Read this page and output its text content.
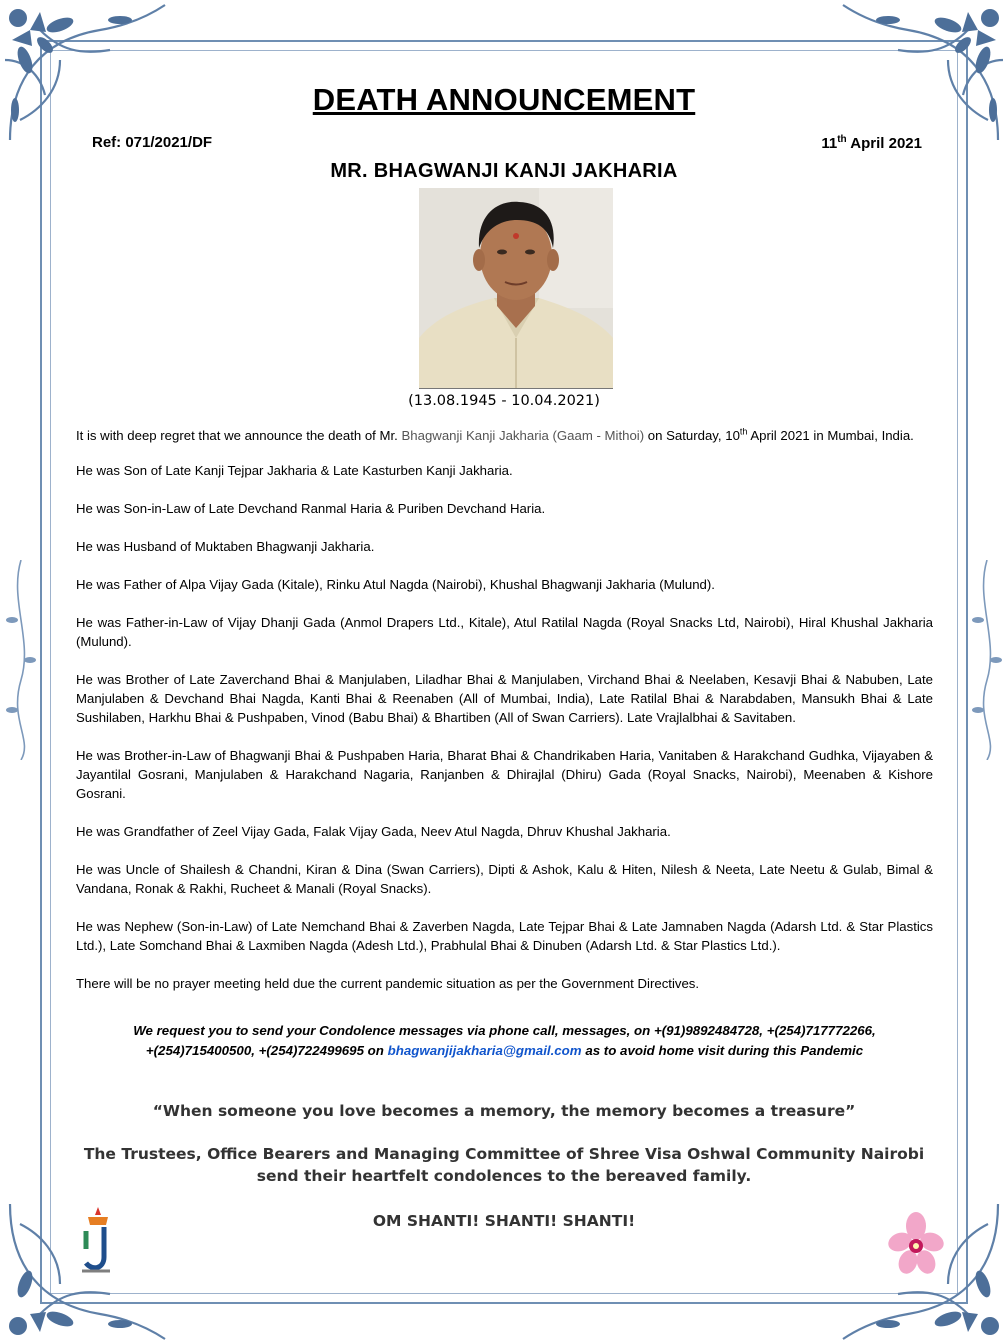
DEATH ANNOUNCEMENT
Ref: 071/2021/DF	11th April 2021
MR. BHAGWANJI KANJI JAKHARIA
(13.08.1945 - 10.04.2021)

It is with deep regret that we announce the death of Mr. Bhagwanji Kanji Jakharia (Gaam - Mithoi) on Saturday, 10th April 2021 in Mumbai, India.

He was Son of Late Kanji Tejpar Jakharia & Late Kasturben Kanji Jakharia.

He was Son-in-Law of Late Devchand Ranmal Haria & Puriben Devchand Haria.

He was Husband of Muktaben Bhagwanji Jakharia.

He was Father of Alpa Vijay Gada (Kitale), Rinku Atul Nagda (Nairobi), Khushal Bhagwanji Jakharia (Mulund).

He was Father-in-Law of Vijay Dhanji Gada (Anmol Drapers Ltd., Kitale), Atul Ratilal Nagda (Royal Snacks Ltd, Nairobi), Hiral Khushal Jakharia (Mulund).

He was Brother of Late Zaverchand Bhai & Manjulaben, Liladhar Bhai & Manjulaben, Virchand Bhai & Neelaben, Kesavji Bhai & Nabuben, Late Manjulaben & Devchand Bhai Nagda, Kanti Bhai & Reenaben (All of Mumbai, India), Late Ratilal Bhai & Narabdaben, Mansukh Bhai & Late Sushilaben, Harkhu Bhai & Pushpaben, Vinod (Babu Bhai) & Bhartiben (All of Swan Carriers). Late Vrajlalbhai & Savitaben.

He was Brother-in-Law of Bhagwanji Bhai & Pushpaben Haria, Bharat Bhai & Chandrikaben Haria, Vanitaben & Harakchand Gudhka, Vijayaben & Jayantilal Gosrani, Manjulaben & Harakchand Nagaria, Ranjanben & Dhirajlal (Dhiru) Gada (Royal Snacks, Nairobi), Meenaben & Kishore Gosrani.

He was Grandfather of Zeel Vijay Gada, Falak Vijay Gada, Neev Atul Nagda, Dhruv Khushal Jakharia.

He was Uncle of Shailesh & Chandni, Kiran & Dina (Swan Carriers), Dipti & Ashok, Kalu & Hiten, Nilesh & Neeta, Late Neetu & Gulab, Bimal & Vandana, Ronak & Rakhi, Rucheet & Manali (Royal Snacks).

He was Nephew (Son-in-Law) of Late Nemchand Bhai & Zaverben Nagda, Late Tejpar Bhai & Late Jamnaben Nagda (Adarsh Ltd. & Star Plastics Ltd.), Late Somchand Bhai & Laxmiben Nagda (Adesh Ltd.), Prabhulal Bhai & Dinuben (Adarsh Ltd. & Star Plastics Ltd.).

There will be no prayer meeting held due the current pandemic situation as per the Government Directives.

We request you to send your Condolence messages via phone call, messages, on +(91)9892484728, +(254)717772266,
+(254)715400500, +(254)722499695 on bhagwanjijakharia@gmail.com as to avoid home visit during this Pandemic
“When someone you love becomes a memory, the memory becomes a treasure”
The Trustees, Office Bearers and Managing Committee of Shree Visa Oshwal Community Nairobi
send their heartfelt condolences to the bereaved family.
OM SHANTI! SHANTI! SHANTI!
